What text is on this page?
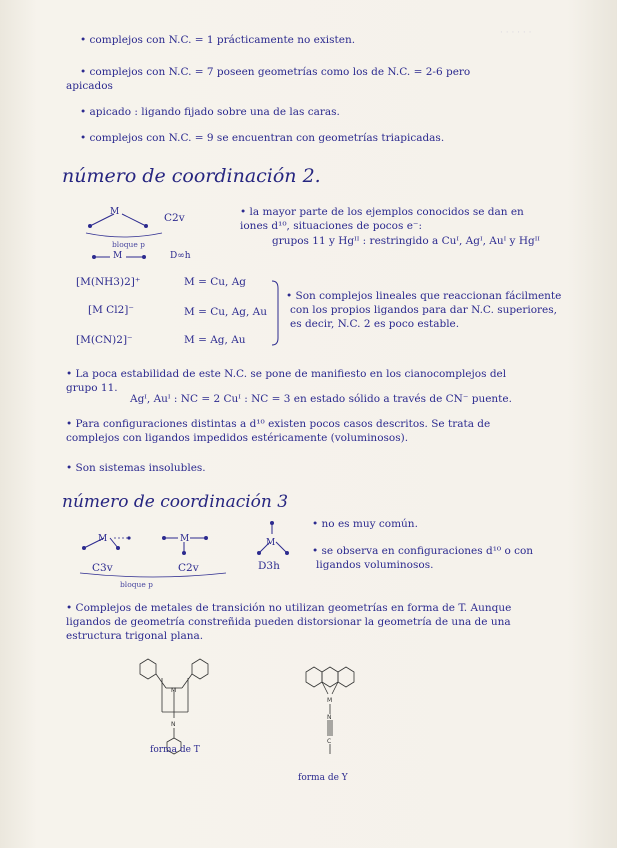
· · · · · ·
• complejos con N.C. = 1 prácticamente no existen.
• complejos con N.C. = 7 poseen geometrías como los de N.C. = 2-6 pero
apicados
• apicado : ligando fijado sobre una de las caras.
• complejos con N.C. = 9 se encuentran con geometrías triapicadas.
número de coordinación 2.
M	C2v
bloque p
M	D∞h
• la mayor parte de los ejemplos conocidos se dan en
iones d¹⁰, situaciones de pocos e⁻:
grupos 11 y Hgᴵᴵ : restringido a Cuᴵ, Agᴵ, Auᴵ y Hgᴵᴵ
[M(NH3)2]⁺	M = Cu, Ag
[M Cl2]⁻	M = Cu, Ag, Au
[M(CN)2]⁻	M = Ag, Au
• Son complejos lineales que reaccionan fácilmente
con los propios ligandos para dar N.C. superiores,
es decir, N.C. 2 es poco estable.
• La poca estabilidad de este N.C. se pone de manifiesto en los cianocomplejos del
grupo 11.
Agᴵ, Auᴵ : NC = 2 Cuᴵ : NC = 3 en estado sólido a través de CN⁻ puente.
• Para configuraciones distintas a d¹⁰ existen pocos casos descritos. Se trata de
complejos con ligandos impedidos estéricamente (voluminosos).
• Son sistemas insolubles.
número de coordinación 3
M
C3v
M
C2v
M
D3h
bloque p
• no es muy común.
• se observa en configuraciones d¹⁰ o con
ligandos voluminosos.
• Complejos de metales de transición no utilizan geometrías en forma de T. Aunque
ligandos de geometría constreñida pueden distorsionar la geometría de una de una
estructura trigonal plana.
M
N
forma de T
M
N
C
forma de Y
